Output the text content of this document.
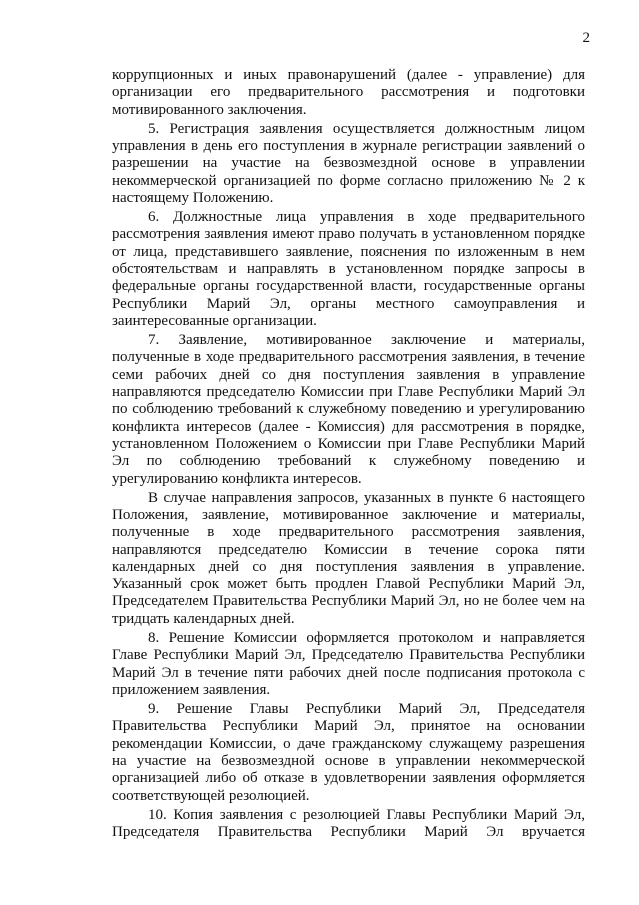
2

коррупционных и иных правонарушений (далее - управление) для организации его предварительного рассмотрения и подготовки мотивированного заключения.

5. Регистрация заявления осуществляется должностным лицом управления в день его поступления в журнале регистрации заявлений о разрешении на участие на безвозмездной основе в управлении некоммерческой организацией по форме согласно приложению № 2 к настоящему Положению.

6. Должностные лица управления в ходе предварительного рассмотрения заявления имеют право получать в установленном порядке от лица, представившего заявление, пояснения по изложенным в нем обстоятельствам и направлять в установленном порядке запросы в федеральные органы государственной власти, государственные органы Республики Марий Эл, органы местного самоуправления и заинтересованные организации.

7. Заявление, мотивированное заключение и материалы, полученные в ходе предварительного рассмотрения заявления, в течение семи рабочих дней со дня поступления заявления в управление направляются председателю Комиссии при Главе Республики Марий Эл по соблюдению требований к служебному поведению и урегулированию конфликта интересов (далее - Комиссия) для рассмотрения в порядке, установленном Положением о Комиссии при Главе Республики Марий Эл по соблюдению требований к служебному поведению и урегулированию конфликта интересов.

В случае направления запросов, указанных в пункте 6 настоящего Положения, заявление, мотивированное заключение и материалы, полученные в ходе предварительного рассмотрения заявления, направляются председателю Комиссии в течение сорока пяти календарных дней со дня поступления заявления в управление. Указанный срок может быть продлен Главой Республики Марий Эл, Председателем Правительства Республики Марий Эл, но не более чем на тридцать календарных дней.

8. Решение Комиссии оформляется протоколом и направляется Главе Республики Марий Эл, Председателю Правительства Республики Марий Эл в течение пяти рабочих дней после подписания протокола с приложением заявления.

9. Решение Главы Республики Марий Эл, Председателя Правительства Республики Марий Эл, принятое на основании рекомендации Комиссии, о даче гражданскому служащему разрешения на участие на безвозмездной основе в управлении некоммерческой организацией либо об отказе в удовлетворении заявления оформляется соответствующей резолюцией.

10. Копия заявления с резолюцией Главы Республики Марий Эл, Председателя Правительства Республики Марий Эл вручается
